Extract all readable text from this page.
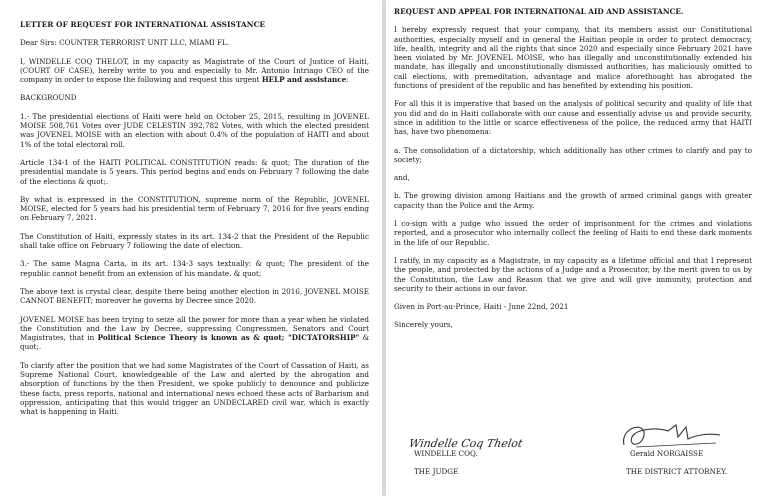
LETTER OF REQUEST FOR INTERNATIONAL ASSISTANCE

Dear Sirs: COUNTER TERRORIST UNIT LLC, MIAMI FL.

I, WINDELLE COQ THELOT, in my capacity as Magistrate of the Court of Justice of Haiti, (COURT OF CASE), hereby write to you and especially to Mr. Antonio Intriago CEO of the company in order to expose the following and request this urgent HELP and assistance:

BACKGROUND

1.- The presidential elections of Haiti were held on October 25, 2015, resulting in JOVENEL MOISE 508,761 Votes over JUDE CELESTIN 392,782 Votes, with which the elected president was JOVENEL MOISE with an election with about 0.4% of the population of HAITI and about 1% of the total electoral roll.

Article 134-1 of the HAITI POLITICAL CONSTITUTION reads: & quot; The duration of the presidential mandate is 5 years. This period begins and ends on February 7 following the date of the elections & quot;.

By what is expressed in the CONSTITUTION, supreme norm of the Republic, JOVENEL MOISE, elected for 5 years had his presidential term of February 7, 2016 for five years ending on February 7, 2021.

The Constitution of Haiti, expressly states in its art. 134-2 that the President of the Republic shall take office on February 7 following the date of election.

3.- The same Magna Carta, in its art. 134-3 says textually: & quot; The president of the republic cannot benefit from an extension of his mandate. & quot;

The above text is crystal clear, despite there being another election in 2016, JOVENEL MOISE CANNOT BENEFIT; moreover he governs by Decree since 2020.

JOVENEL MOISE has been trying to seize all the power for more than a year when he violated the Constitution and the Law by Decree, suppressing Congressmen, Senators and Court Magistrates, that in Political Science Theory is known as & quot; "DICTATORSHIP" & quot;.

To clarify after the position that we had some Magistrates of the Court of Cassation of Haiti, as Supreme National Court, knowledgeable of the Law and alerted by the abrogation and absorption of functions by the then President, we spoke publicly to denounce and publicize these facts, press reports, national and international news echoed these acts of Barbarism and oppression, anticipating that this would trigger an UNDECLARED civil war, which is exactly what is happening in Haiti.

REQUEST AND APPEAL FOR INTERNATIONAL AID AND ASSISTANCE.

I hereby expressly request that your company, that its members assist our Constitutional authorities, especially myself and in general the Haitian people in order to protect democracy, life, health, integrity and all the rights that since 2020 and especially since February 2021 have been violated by Mr. JOVENEL MOISE, who has illegally and unconstitutionally extended his mandate, has illegally and unconstitutionally dismissed authorities, has maliciously omitted to call elections, with premeditation, advantage and malice aforethought has abrogated the functions of president of the republic and has benefited by extending his position.

For all this it is imperative that based on the analysis of political security and quality of life that you did and do in Haiti collaborate with our cause and essentially advise us and provide security, since in addition to the little or scarce effectiveness of the police, the reduced army that HAITI has, have two phenomena:

a. The consolidation of a dictatorship, which additionally has other crimes to clarify and pay to society;

and,

b. The growing division among Haitians and the growth of armed criminal gangs with greater capacity than the Police and the Army.

I co-sign with a judge who issued the order of imprisonment for the crimes and violations reported, and a prosecutor who internally collect the feeling of Haiti to end these dark moments in the life of our Republic.

I ratify, in my capacity as a Magistrate, in my capacity as a lifetime official and that I represent the people, and protected by the actions of a Judge and a Prosecutor, by the merit given to us by the Constitution, the Law and Reason that we give and will give immunity, protection and security to their actions in our favor.

Given in Port-au-Prince, Haiti - June 22nd, 2021

Sincerely yours,

Windelle Coq Thelot
WINDELLE COQ.
THE JUDGE
Gerald NORGAISSE
THE DISTRICT ATTORNEY.
